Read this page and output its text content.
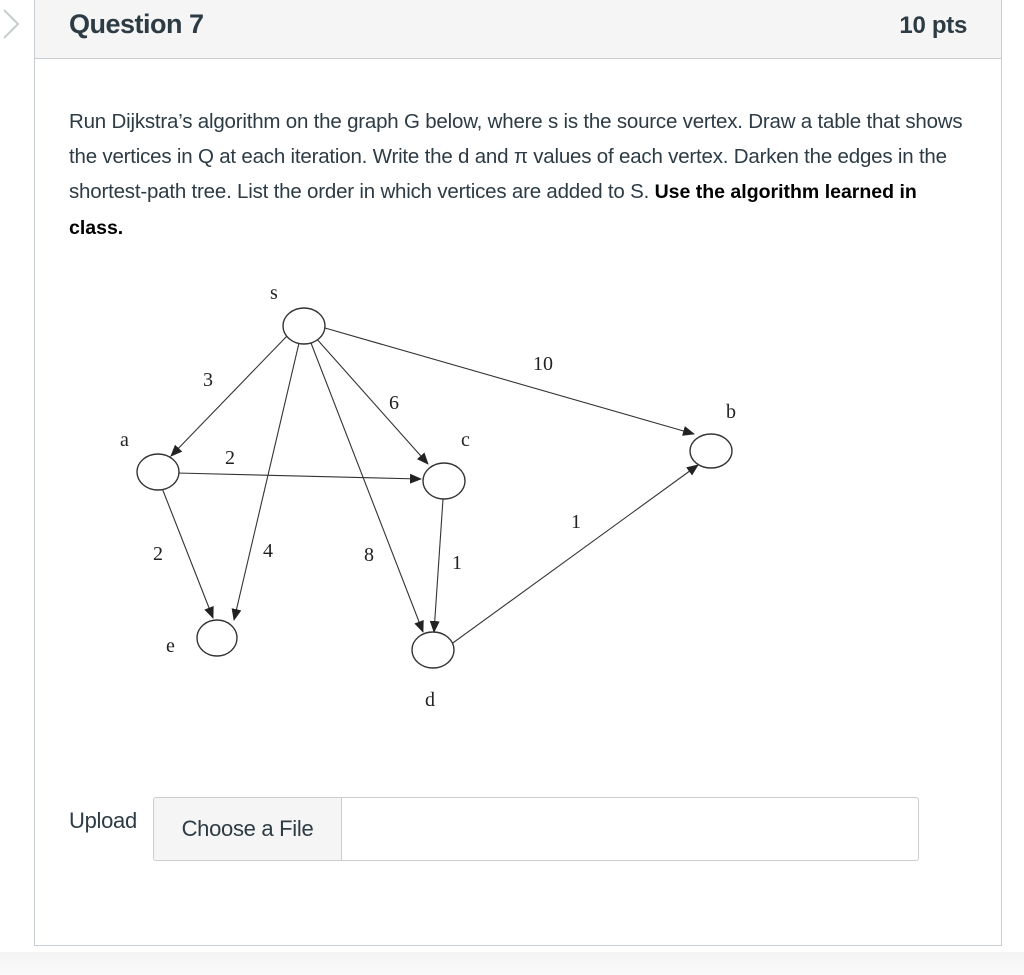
Question 7	10 pts
Run Dijkstra’s algorithm on the graph G below, where s is the source vertex. Draw a table that shows the vertices in Q at each iteration. Write the d and π values of each vertex. Darken the edges in the shortest-path tree. List the order in which vertices are added to S. Use the algorithm learned in class.
s
a	c
b
e
d
3
2
6
10
2	4	8	1
1
Upload	Choose a File
